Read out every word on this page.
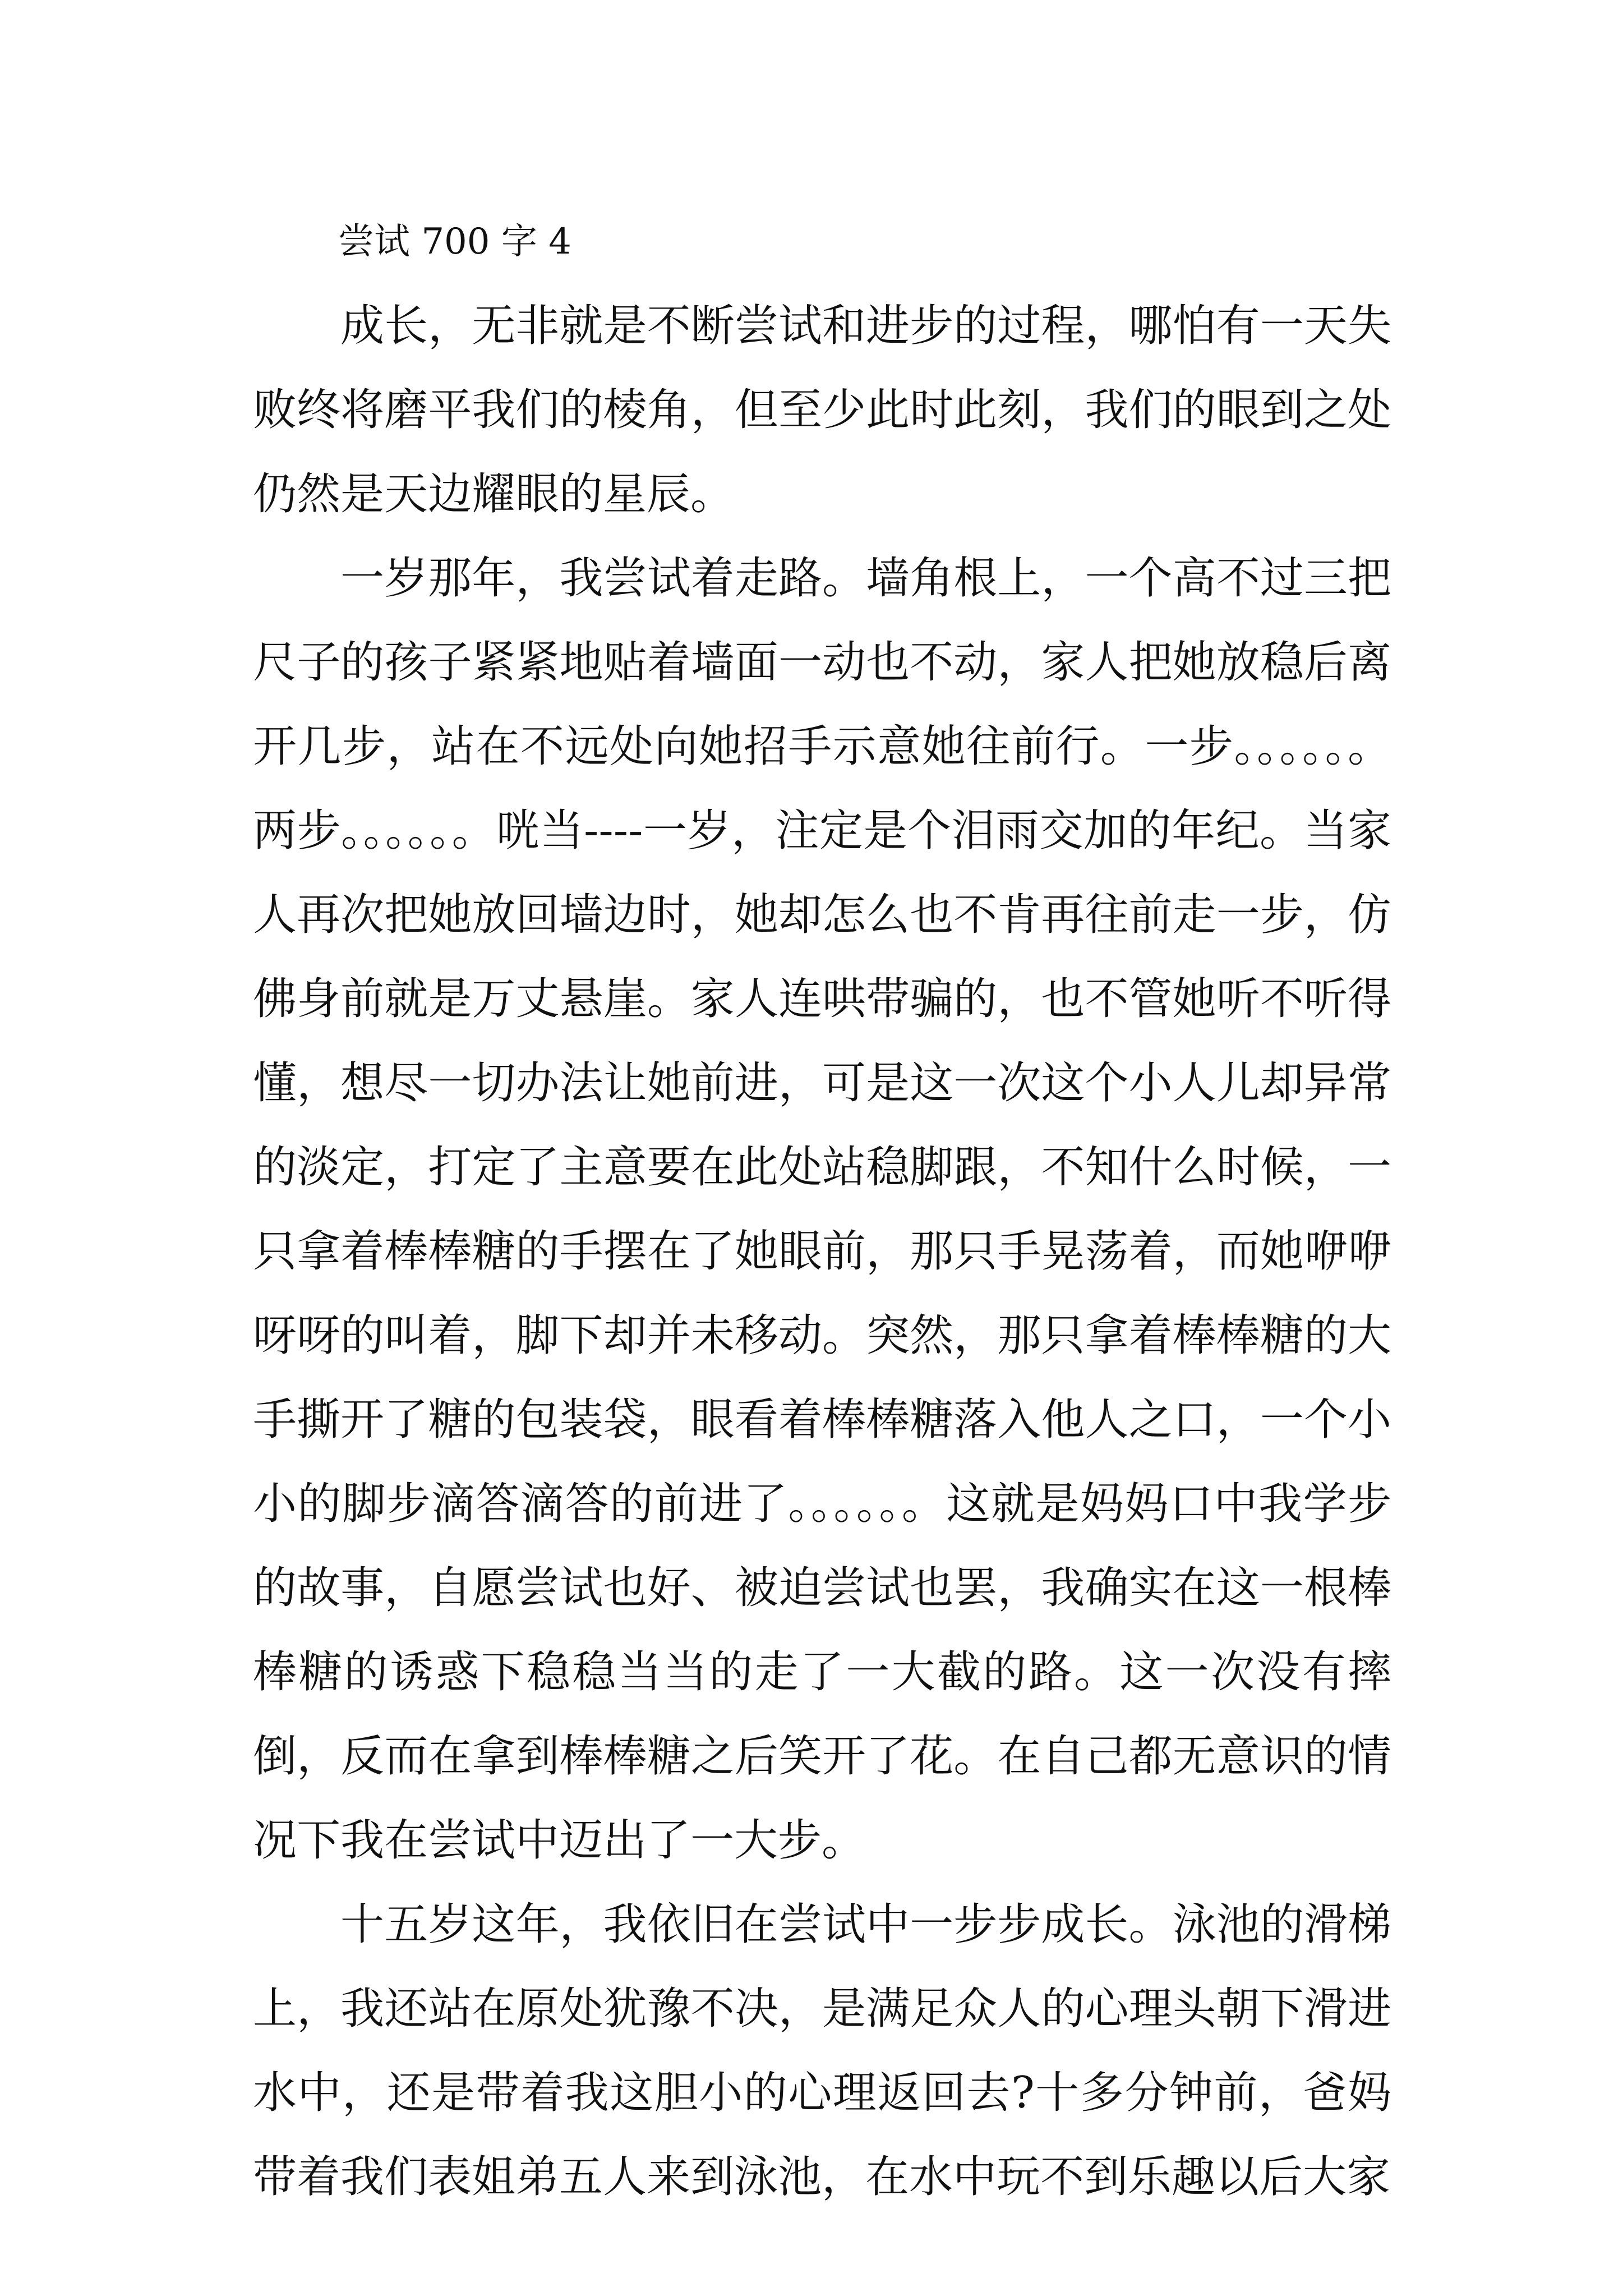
尝试 700 字 4

成长，无非就是不断尝试和进步的过程，哪怕有一天失败终将磨平我们的棱角，但至少此时此刻，我们的眼到之处仍然是天边耀眼的星辰。

一岁那年，我尝试着走路。墙角根上，一个高不过三把尺子的孩子紧紧地贴着墙面一动也不动，家人把她放稳后离开几步，站在不远处向她招手示意她往前行。一步。。。。。。两步。。。。。。咣当----一岁，注定是个泪雨交加的年纪。当家人再次把她放回墙边时，她却怎么也不肯再往前走一步，仿佛身前就是万丈悬崖。家人连哄带骗的，也不管她听不听得懂，想尽一切办法让她前进，可是这一次这个小人儿却异常的淡定，打定了主意要在此处站稳脚跟，不知什么时候，一只拿着棒棒糖的手摆在了她眼前，那只手晃荡着，而她咿咿呀呀的叫着，脚下却并未移动。突然，那只拿着棒棒糖的大手撕开了糖的包装袋，眼看着棒棒糖落入他人之口，一个小小的脚步滴答滴答的前进了。。。。。。这就是妈妈口中我学步的故事，自愿尝试也好、被迫尝试也罢，我确实在这一根棒棒糖的诱惑下稳稳当当的走了一大截的路。这一次没有摔倒，反而在拿到棒棒糖之后笑开了花。在自己都无意识的情况下我在尝试中迈出了一大步。

十五岁这年，我依旧在尝试中一步步成长。泳池的滑梯上，我还站在原处犹豫不决，是满足众人的心理头朝下滑进水中，还是带着我这胆小的心理返回去?十多分钟前，爸妈带着我们表姐弟五人来到泳池，在水中玩不到乐趣以后大家
